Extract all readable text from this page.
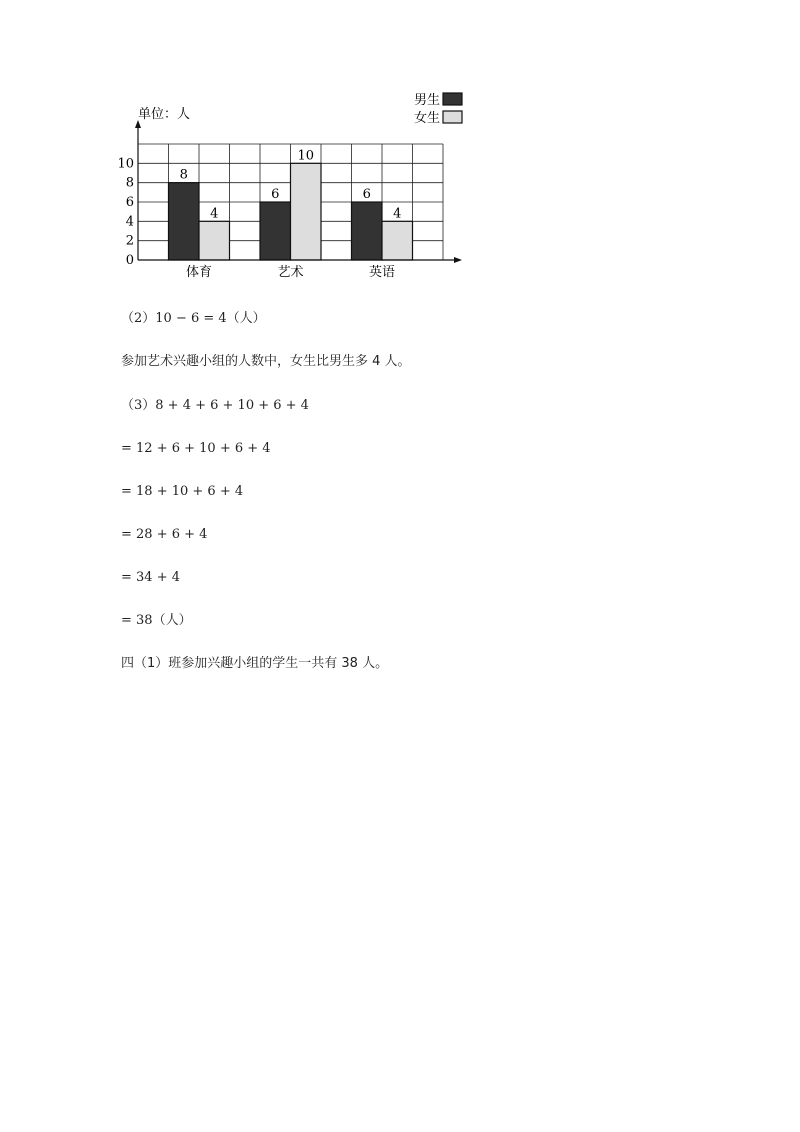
8
4
6
10
6
4
单位：人
男生
女生
0
2
4
6
8
10
体育	艺术	英语
（2）10 − 6 = 4（人）
参加艺术兴趣小组的人数中，女生比男生多 4 人。
（3）8 + 4 + 6 + 10 + 6 + 4
= 12 + 6 + 10 + 6 + 4
= 18 + 10 + 6 + 4
= 28 + 6 + 4
= 34 + 4
= 38（人）
四（1）班参加兴趣小组的学生一共有 38 人。
